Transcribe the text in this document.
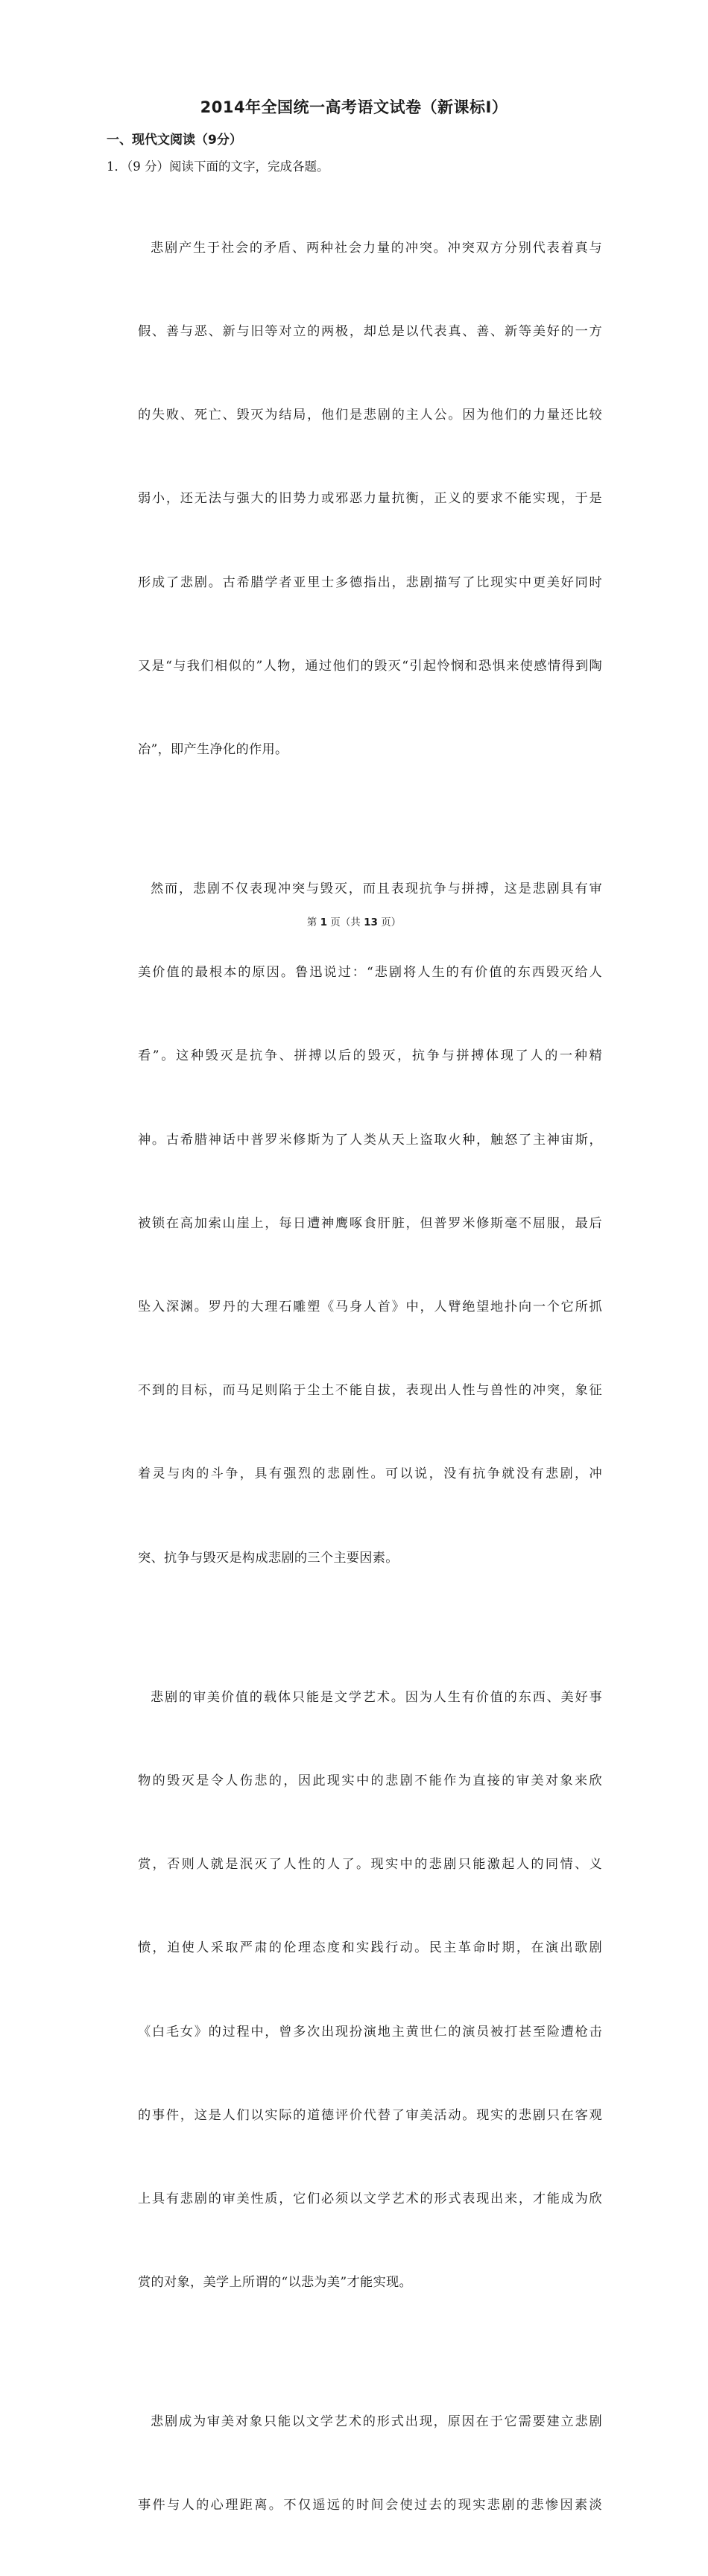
2014年全国统一高考语文试卷（新课标Ⅰ）
一、现代文阅读（9分）
1．（9 分）阅读下面的文字，完成各题。

悲剧产生于社会的矛盾、两种社会力量的冲突。冲突双方分别代表着真与

假、善与恶、新与旧等对立的两极，却总是以代表真、善、新等美好的一方

的失败、死亡、毁灭为结局，他们是悲剧的主人公。因为他们的力量还比较

弱小，还无法与强大的旧势力或邪恶力量抗衡，正义的要求不能实现，于是

形成了悲剧。古希腊学者亚里士多德指出，悲剧描写了比现实中更美好同时

又是“与我们相似的”人物，通过他们的毁灭“引起怜悯和恐惧来使感情得到陶

冶”，即产生净化的作用。

然而，悲剧不仅表现冲突与毁灭，而且表现抗争与拼搏，这是悲剧具有审

美价值的最根本的原因。鲁迅说过：“悲剧将人生的有价值的东西毁灭给人

看”。这种毁灭是抗争、拼搏以后的毁灭，抗争与拼搏体现了人的一种精

神。古希腊神话中普罗米修斯为了人类从天上盗取火种，触怒了主神宙斯，

被锁在高加索山崖上，每日遭神鹰啄食肝脏，但普罗米修斯毫不屈服，最后

坠入深渊。罗丹的大理石雕塑《马身人首》中，人臂绝望地扑向一个它所抓

不到的目标，而马足则陷于尘土不能自拔，表现出人性与兽性的冲突，象征

着灵与肉的斗争，具有强烈的悲剧性。可以说，没有抗争就没有悲剧，冲

突、抗争与毁灭是构成悲剧的三个主要因素。

悲剧的审美价值的载体只能是文学艺术。因为人生有价值的东西、美好事

物的毁灭是令人伤悲的，因此现实中的悲剧不能作为直接的审美对象来欣

赏，否则人就是泯灭了人性的人了。现实中的悲剧只能激起人的同情、义

愤，迫使人采取严肃的伦理态度和实践行动。民主革命时期，在演出歌剧

《白毛女》的过程中，曾多次出现扮演地主黄世仁的演员被打甚至险遭枪击

的事件，这是人们以实际的道德评价代替了审美活动。现实的悲剧只在客观

上具有悲剧的审美性质，它们必须以文学艺术的形式表现出来，才能成为欣

赏的对象，美学上所谓的“以悲为美”才能实现。

悲剧成为审美对象只能以文学艺术的形式出现，原因在于它需要建立悲剧

事件与人的心理距离。不仅遥远的时间会使过去的现实悲剧的悲惨因素淡

第 1 页（共 13 页）
